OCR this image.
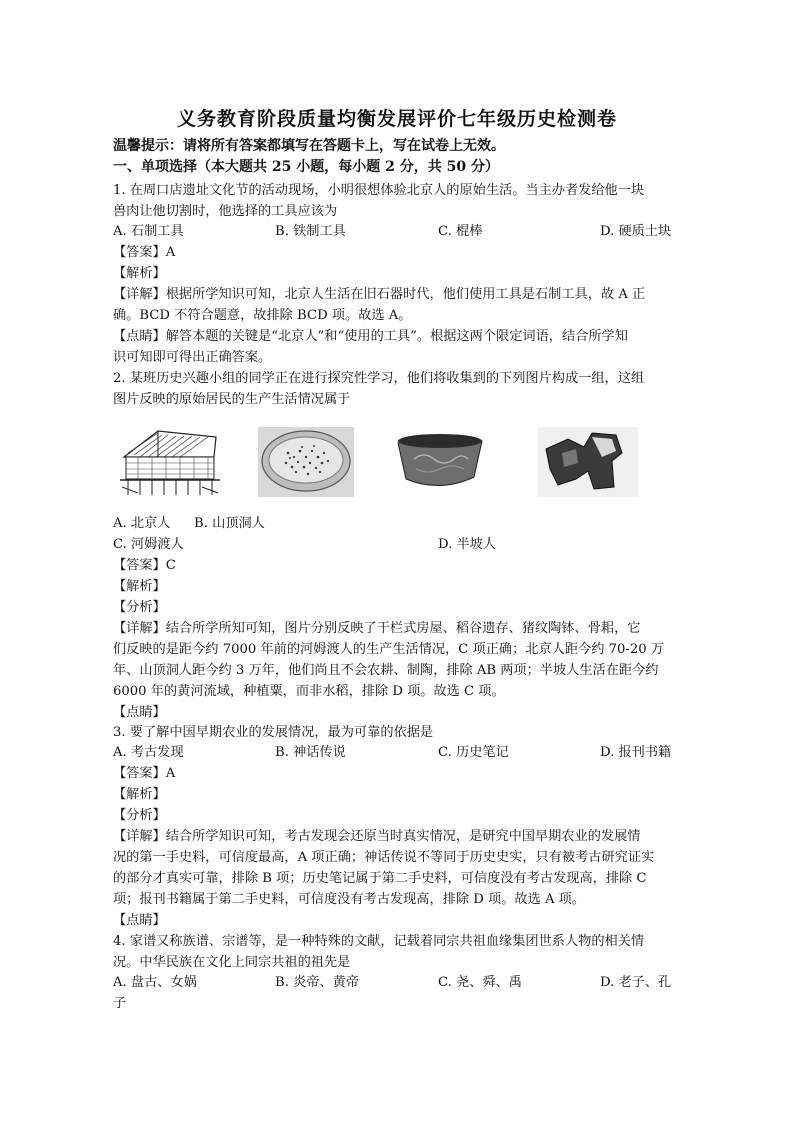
义务教育阶段质量均衡发展评价七年级历史检测卷
温馨提示：请将所有答案都填写在答题卡上，写在试卷上无效。
一、单项选择（本大题共 25 小题，每小题 2 分，共 50 分）
1. 在周口店遗址文化节的活动现场，小明很想体验北京人的原始生活。当主办者发给他一块
兽肉让他切割时，他选择的工具应该为
A. 石制工具	B. 铁制工具	C. 棍棒	D. 硬质土块
【答案】A
【解析】
【详解】根据所学知识可知，北京人生活在旧石器时代，他们使用工具是石制工具，故 A 正
确。BCD 不符合题意，故排除 BCD 项。故选 A。
【点睛】解答本题的关键是“北京人”和“使用的工具”。根据这两个限定词语，结合所学知
识可知即可得出正确答案。
2. 某班历史兴趣小组的同学正在进行探究性学习，他们将收集到的下列图片构成一组，这组
图片反映的原始居民的生产生活情况属于
A. 北京人 B. 山顶洞人
C. 河姆渡人	D. 半坡人
【答案】C
【解析】
【分析】
【详解】结合所学所知可知，图片分别反映了干栏式房屋、稻谷遗存、猪纹陶钵、骨耜，它
们反映的是距今约 7000 年前的河姆渡人的生产生活情况，C 项正确；北京人距今约 70-20 万
年、山顶洞人距今约 3 万年，他们尚且不会农耕、制陶，排除 AB 两项；半坡人生活在距今约
6000 年的黄河流域，种植粟，而非水稻，排除 D 项。故选 C 项。
【点睛】
3. 要了解中国早期农业的发展情况，最为可靠的依据是
A. 考古发现	B. 神话传说	C. 历史笔记	D. 报刊书籍
【答案】A
【解析】
【分析】
【详解】结合所学知识可知，考古发现会还原当时真实情况，是研究中国早期农业的发展情
况的第一手史料，可信度最高，A 项正确；神话传说不等同于历史史实，只有被考古研究证实
的部分才真实可靠，排除 B 项；历史笔记属于第二手史料，可信度没有考古发现高，排除 C
项；报刊书籍属于第二手史料，可信度没有考古发现高，排除 D 项。故选 A 项。
【点睛】
4. 家谱又称族谱、宗谱等，是一种特殊的文献，记载着同宗共祖血缘集团世系人物的相关情
况。中华民族在文化上同宗共祖的祖先是
A. 盘古、女娲	B. 炎帝、黄帝	C. 尧、舜、禹	D. 老子、孔
子
